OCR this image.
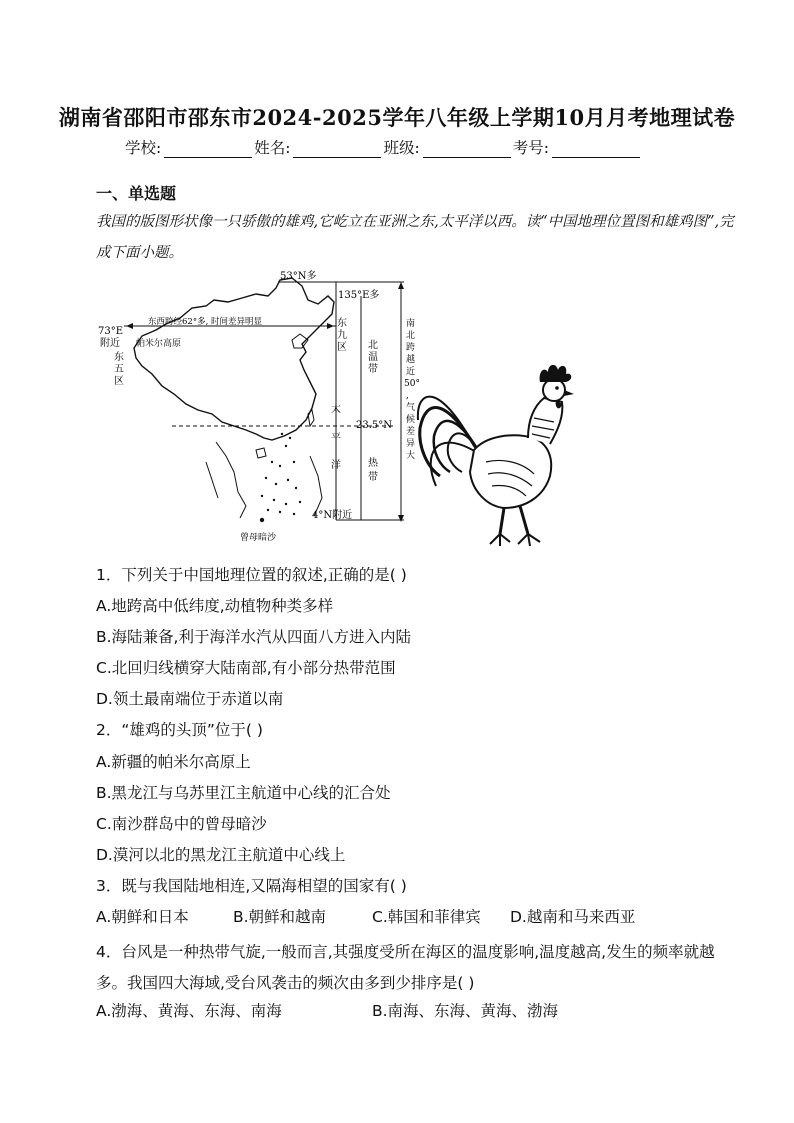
湖南省邵阳市邵东市2024-2025学年八年级上学期10月月考地理试卷
学校:	姓名:	班级:	考号:
一、单选题
我国的版图形状像一只骄傲的雄鸡,它屹立在亚洲之东,太平洋以西。读“中国地理位置图和雄鸡图”,完成下面小题。
53°N多
135°E多
73°E
附近
东
五
区
东
九
区
帕米尔高原
东西跨经62°多, 时间差异明显
北
温
带
23.5°N
太
平
洋	热
带
4°N附近
曾母暗沙
南
北
跨
越
近
50°
,
气
候
差
异
大
1．下列关于中国地理位置的叙述,正确的是( )
A.地跨高中低纬度,动植物种类多样
B.海陆兼备,利于海洋水汽从四面八方进入内陆
C.北回归线横穿大陆南部,有小部分热带范围
D.领土最南端位于赤道以南
2．“雄鸡的头顶”位于( )
A.新疆的帕米尔高原上
B.黑龙江与乌苏里江主航道中心线的汇合处
C.南沙群岛中的曾母暗沙
D.漠河以北的黑龙江主航道中心线上
3．既与我国陆地相连,又隔海相望的国家有( )
A.朝鲜和日本	B.朝鲜和越南	C.韩国和菲律宾 D.越南和马来西亚
4．台风是一种热带气旋,一般而言,其强度受所在海区的温度影响,温度越高,发生的频率就越多。我国四大海域,受台风袭击的频次由多到少排序是( )
A.渤海、黄海、东海、南海	B.南海、东海、黄海、渤海
